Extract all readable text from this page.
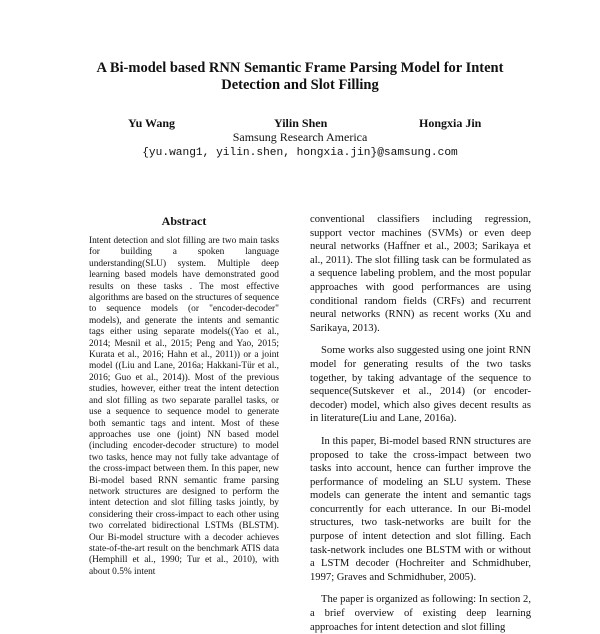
A Bi-model based RNN Semantic Frame Parsing Model for Intent
Detection and Slot Filling
Yu Wang	Yilin Shen	Hongxia Jin
Samsung Research America
{yu.wang1, yilin.shen, hongxia.jin}@samsung.com
Abstract

Intent detection and slot filling are two main tasks for building a spoken language understanding(SLU) system. Multiple deep learning based models have demonstrated good results on these tasks . The most effective algorithms are based on the structures of sequence to sequence models (or "encoder-decoder" models), and generate the intents and semantic tags either using separate models((Yao et al., 2014; Mesnil et al., 2015; Peng and Yao, 2015; Kurata et al., 2016; Hahn et al., 2011)) or a joint model ((Liu and Lane, 2016a; Hakkani-Tür et al., 2016; Guo et al., 2014)). Most of the previous studies, however, either treat the intent detection and slot filling as two separate parallel tasks, or use a sequence to sequence model to generate both semantic tags and intent. Most of these approaches use one (joint) NN based model (including encoder-decoder structure) to model two tasks, hence may not fully take advantage of the cross-impact between them. In this paper, new Bi-model based RNN semantic frame parsing network structures are designed to perform the intent detection and slot filling tasks jointly, by considering their cross-impact to each other using two correlated bidirectional LSTMs (BLSTM). Our Bi-model structure with a decoder achieves state-of-the-art result on the benchmark ATIS data (Hemphill et al., 1990; Tur et al., 2010), with about 0.5% intent

conventional classifiers including regression, support vector machines (SVMs) or even deep neural networks (Haffner et al., 2003; Sarikaya et al., 2011). The slot filling task can be formulated as a sequence labeling problem, and the most popular approaches with good performances are using conditional random fields (CRFs) and recurrent neural networks (RNN) as recent works (Xu and Sarikaya, 2013).

Some works also suggested using one joint RNN model for generating results of the two tasks together, by taking advantage of the sequence to sequence(Sutskever et al., 2014) (or encoder-decoder) model, which also gives decent results as in literature(Liu and Lane, 2016a).

In this paper, Bi-model based RNN structures are proposed to take the cross-impact between two tasks into account, hence can further improve the performance of modeling an SLU system. These models can generate the intent and semantic tags concurrently for each utterance. In our Bi-model structures, two task-networks are built for the purpose of intent detection and slot filling. Each task-network includes one BLSTM with or without a LSTM decoder (Hochreiter and Schmidhuber, 1997; Graves and Schmidhuber, 2005).

The paper is organized as following: In section 2, a brief overview of existing deep learning approaches for intent detection and slot filling
